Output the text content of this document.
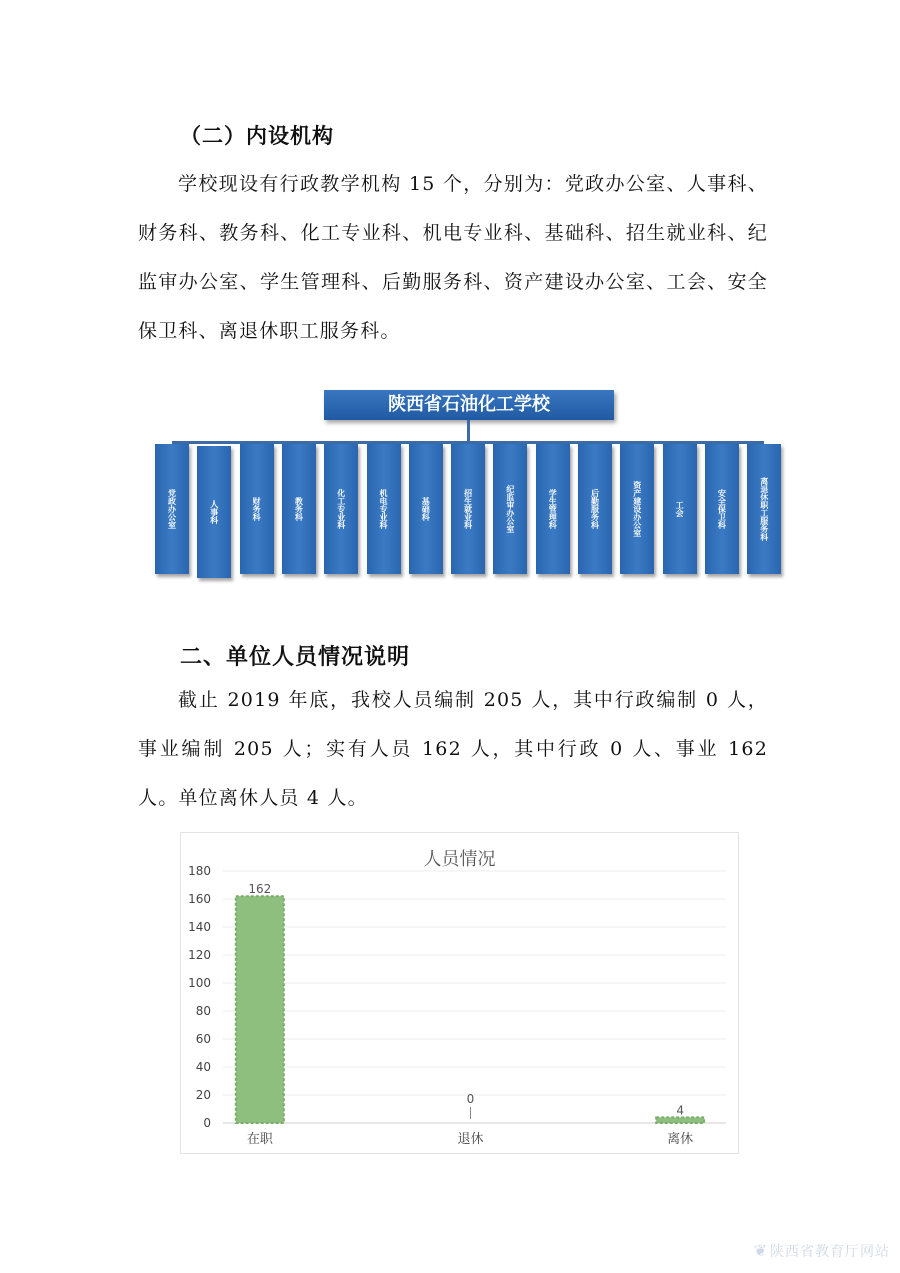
（二）内设机构

学校现设有行政教学机构 15 个，分别为：党政办公室、人事科、财务科、教务科、化工专业科、机电专业科、基础科、招生就业科、纪监审办公室、学生管理科、后勤服务科、资产建设办公室、工会、安全保卫科、离退休职工服务科。

陕西省石油化工学校
党政办公室	人事科	财务科	教务科	化工专业科	机电专业科	基础科	招生就业科	纪监审办公室	学生管理科	后勤服务科	资产建设办公室	工会	安全保卫科	离退休职工服务科
二、单位人员情况说明

截止 2019 年底，我校人员编制 205 人，其中行政编制 0 人，事业编制 205 人；实有人员 162 人，其中行政 0 人、事业 162 人。单位离休人员 4 人。

0
20
40
60
80
100
120
140
160
180
162
在职
0
退休
4
离休
人员情况
❦ 陕西省教育厅网站
